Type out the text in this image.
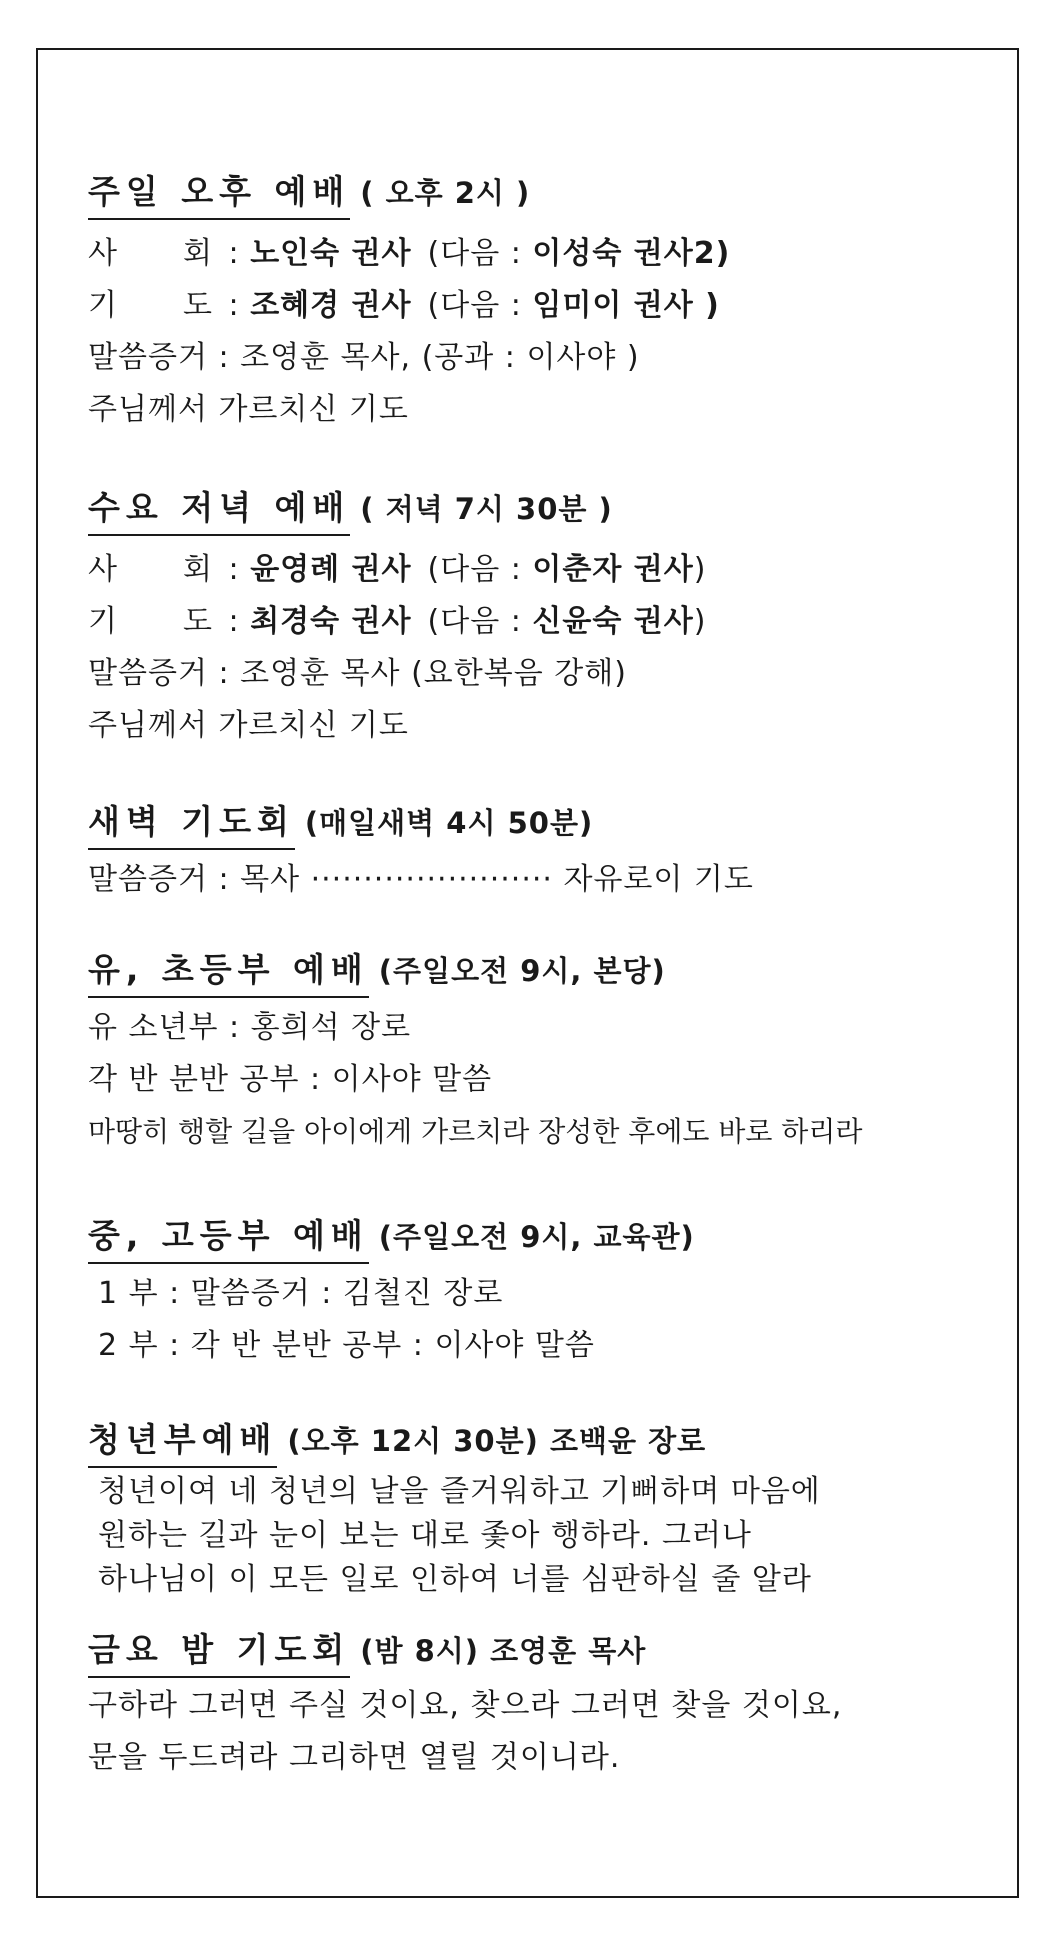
주일 오후 예배 ( 오후 2시 )
사 회 : 노인숙 권사 (다음 : 이성숙 권사2)
기 도 : 조혜경 권사 (다음 : 임미이 권사 )
말씀증거 : 조영훈 목사, (공과 : 이사야 )
주님께서 가르치신 기도
수요 저녁 예배 ( 저녁 7시 30분 )
사 회 : 윤영례 권사 (다음 : 이춘자 권사)
기 도 : 최경숙 권사 (다음 : 신윤숙 권사)
말씀증거 : 조영훈 목사 (요한복음 강해)
주님께서 가르치신 기도
새벽 기도회 (매일새벽 4시 50분)
말씀증거 : 목사 ······················· 자유로이 기도
유, 초등부 예배 (주일오전 9시, 본당)
유 소년부 : 홍희석 장로
각 반 분반 공부 : 이사야 말씀
마땅히 행할 길을 아이에게 가르치라 장성한 후에도 바로 하리라
중, 고등부 예배 (주일오전 9시, 교육관)
1 부 : 말씀증거 : 김철진 장로
2 부 : 각 반 분반 공부 : 이사야 말씀
청년부예배 (오후 12시 30분) 조백윤 장로
청년이여 네 청년의 날을 즐거워하고 기뻐하며 마음에
원하는 길과 눈이 보는 대로 좇아 행하라. 그러나
하나님이 이 모든 일로 인하여 너를 심판하실 줄 알라
금요 밤 기도회 (밤 8시) 조영훈 목사
구하라 그러면 주실 것이요, 찾으라 그러면 찾을 것이요,
문을 두드려라 그리하면 열릴 것이니라.
